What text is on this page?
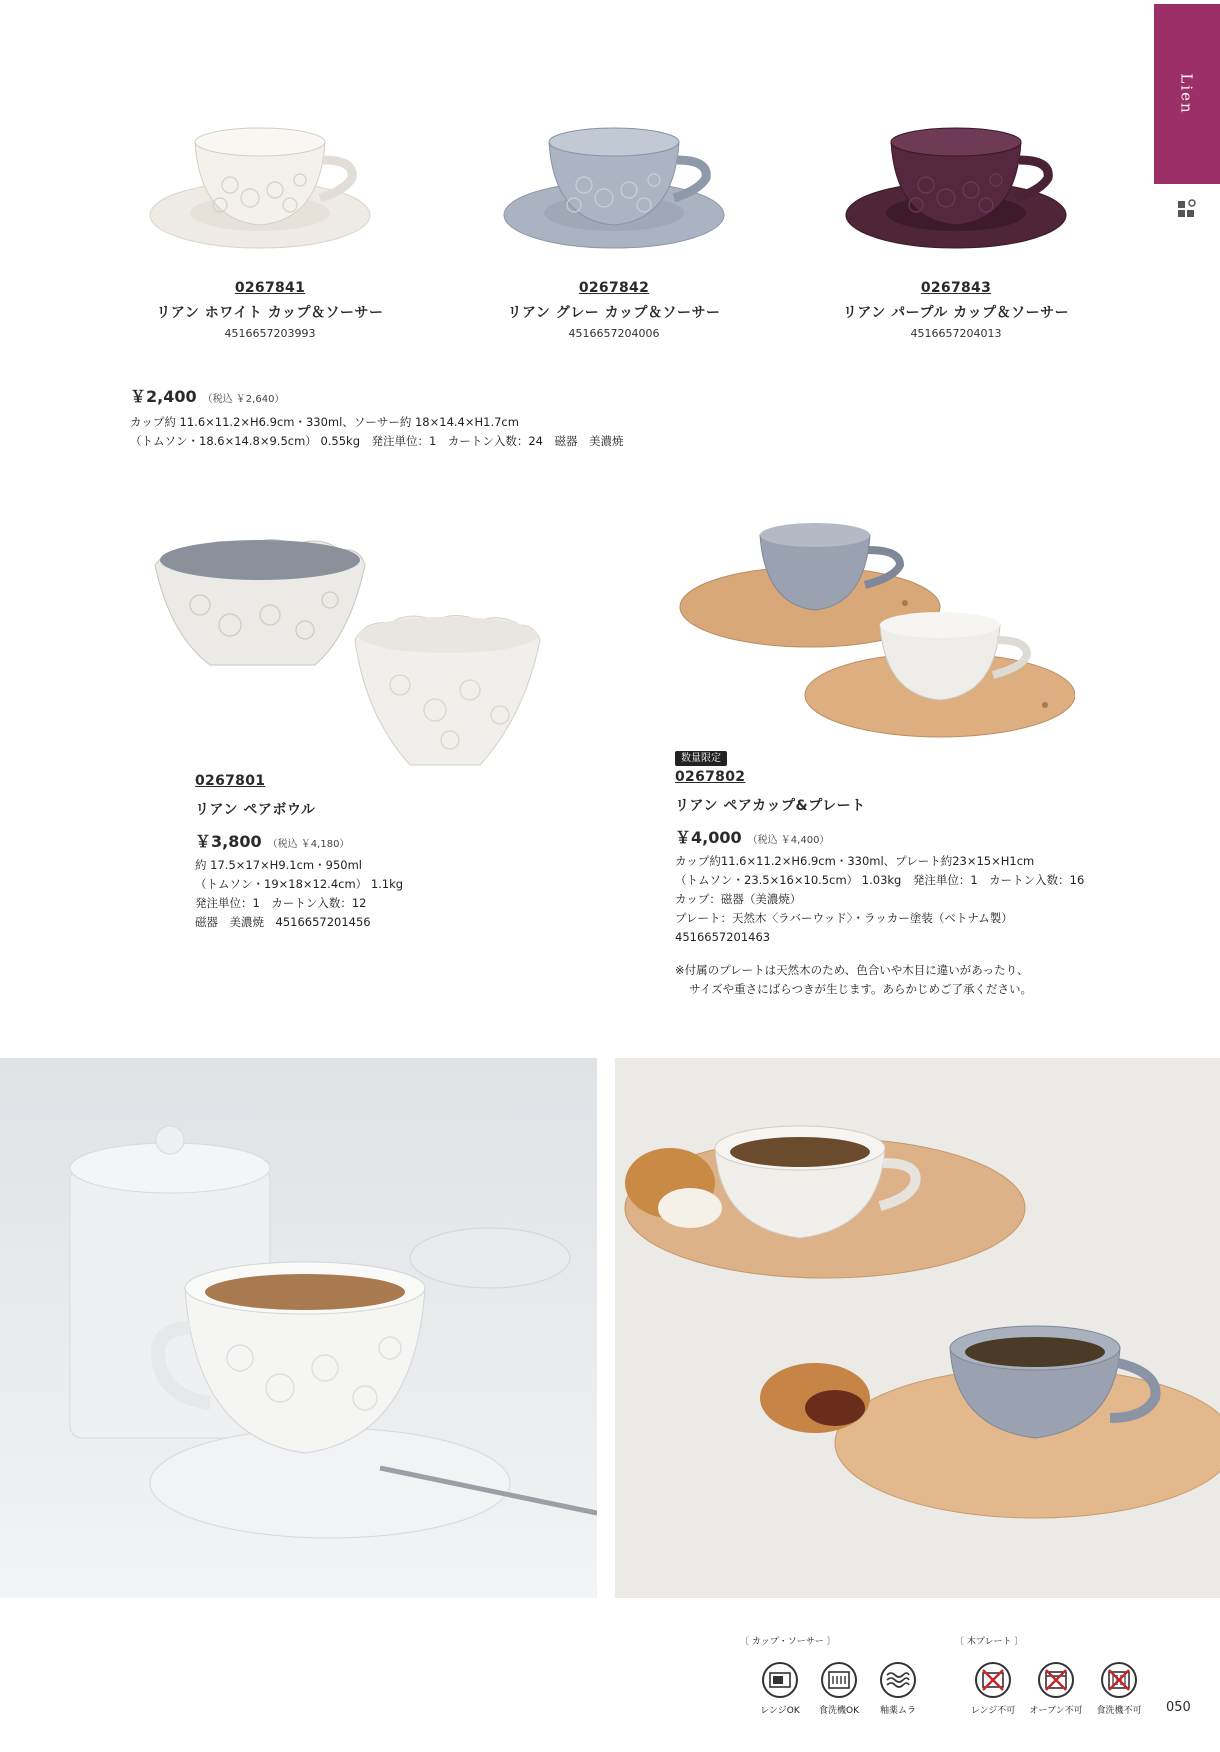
Lien
0267841
リアン ホワイト カップ＆ソーサー
4516657203993
0267842
リアン グレー カップ＆ソーサー
4516657204006
0267843
リアン パープル カップ＆ソーサー
4516657204013
￥2,400 （税込 ￥2,640）
カップ約 11.6×11.2×H6.9cm・330ml、ソーサー約 18×14.4×H1.7cm
（トムソン・18.6×14.8×9.5cm） 0.55kg　発注単位：1　カートン入数：24　磁器　美濃焼
0267801
リアン ペアボウル
￥3,800 （税込 ￥4,180）
約 17.5×17×H9.1cm・950ml
（トムソン・19×18×12.4cm） 1.1kg
発注単位：1　カートン入数：12
磁器　美濃焼　4516657201456
数量限定
0267802
リアン ペアカップ&プレート
￥4,000 （税込 ￥4,400）
カップ約11.6×11.2×H6.9cm・330ml、プレート約23×15×H1cm
（トムソン・23.5×16×10.5cm） 1.03kg　発注単位：1　カートン入数：16
カップ：磁器（美濃焼）
プレート：天然木〈ラバーウッド〉・ラッカー塗装（ベトナム製）
4516657201463
※付属のプレートは天然木のため、色合いや木目に違いがあったり、
サイズや重さにばらつきが生じます。あらかじめご了承ください。
〔 カップ・ソーサー 〕	〔 木プレート 〕
レンジOK	食洗機OK	釉薬ムラ	レンジ不可	オーブン不可	食洗機不可	050
